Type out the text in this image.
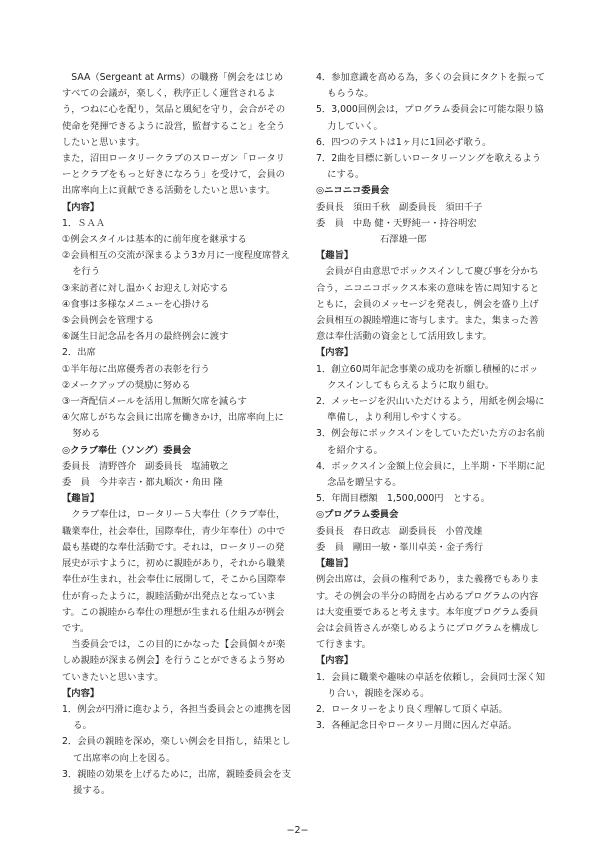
SAA（Sergeant at Arms）の職務「例会をはじめすべての会議が，楽しく，秩序正しく運営されるよう，つねに心を配り，気品と風紀を守り，会合がその使命を発揮できるように設営，監督すること」を全うしたいと思います。

また，沼田ロータリークラブのスローガン「ロータリーとクラブをもっと好きになろう」を受けて，会員の出席率向上に貢献できる活動をしたいと思います。

【内容】

1．ＳＡＡ

①例会スタイルは基本的に前年度を継承する

②会員相互の交流が深まるよう3カ月に一度程度席替えを行う

③来訪者に対し温かくお迎えし対応する

④食事は多様なメニューを心掛ける

⑤会員例会を管理する

⑥誕生日記念品を各月の最終例会に渡す

2．出席

①半年毎に出席優秀者の表彰を行う

②メークアップの奨励に努める

③一斉配信メールを活用し無断欠席を減らす

④欠席しがちな会員に出席を働きかけ，出席率向上に努める

◎クラブ奉仕（ソング）委員会

委員長 清野啓介 副委員長 塩浦敬之

委　員 今井幸吉・都丸順次・角田 隆

【趣旨】

クラブ奉仕は，ロータリー５大奉仕（クラブ奉仕，職業奉仕，社会奉仕，国際奉仕，青少年奉仕）の中で最も基礎的な奉仕活動です。それは，ロータリーの発展史が示すように，初めに親睦があり，それから職業奉仕が生まれ，社会奉仕に展開して，そこから国際奉仕が育ったように，親睦活動が出発点となっています。この親睦から奉仕の理想が生まれる仕組みが例会です。

当委員会では，この目的にかなった【会員個々が楽しめ親睦が深まる例会】を行うことができるよう努めていきたいと思います。

【内容】

1．例会が円滑に進むよう，各担当委員会との連携を図る。

2．会員の親睦を深め，楽しい例会を目指し，結果として出席率の向上を図る。

3．親睦の効果を上げるために，出席，親睦委員会を支援する。

4．参加意識を高める為，多くの会員にタクトを振ってもらうな。

5．3,000回例会は，プログラム委員会に可能な限り協力していく。

6．四つのテストは1ヶ月に1回必ず歌う。

7．2曲を目標に新しいロータリーソングを歌えるようにする。

◎ニコニコ委員会

委員長 須田千秋 副委員長 須田千子

委　員 中島 健・天野純一・持谷明宏

石澤雄一郎

【趣旨】

会員が自由意思でボックスインして慶び事を分かち合う，ニコニコボックス本来の意味を皆に周知するとともに，会員のメッセージを発表し，例会を盛り上げ会員相互の親睦増進に寄与します。また，集まった善意は奉仕活動の資金として活用致します。

【内容】

1．創立60周年記念事業の成功を祈願し積極的にボックスインしてもらえるように取り組む。

2．メッセージを沢山いただけるよう，用紙を例会場に準備し，より利用しやすくする。

3．例会毎にボックスインをしていただいた方のお名前を紹介する。

4．ボックスイン金額上位会員に，上半期・下半期に記念品を贈呈する。

5．年間目標額　1,500,000円　とする。

◎プログラム委員会

委員長 春日政志 副委員長 小曽茂雄

委　員 剛田一敏・峯川卓美・金子秀行

【趣旨】

例会出席は，会員の権利であり，また義務でもあります。その例会の半分の時間を占めるプログラムの内容は大変重要であると考えます。本年度プログラム委員会は会員皆さんが楽しめるようにプログラムを構成して行きます。

【内容】

1．会員に職業や趣味の卓話を依頼し，会員同士深く知り合い，親睦を深める。

2．ロータリーをより良く理解して頂く卓話。

3．各種記念日やロータリー月間に因んだ卓話。

−2−
